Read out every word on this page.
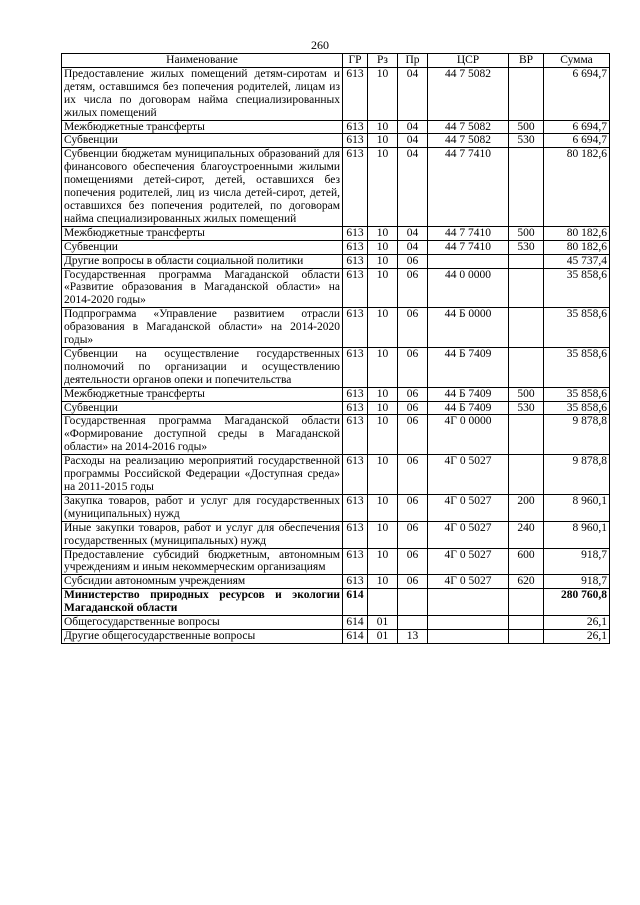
260
Наименование	ГР	Рз	Пр	ЦСР	ВР	Сумма
Предоставление жилых помещений детям-сиротам и детям, оставшимся без попечения родителей, лицам из их числа по договорам найма специализированных жилых помещений	613	10	04	44 7 5082		6 694,7
Межбюджетные трансферты	613	10	04	44 7 5082	500	6 694,7
Субвенции	613	10	04	44 7 5082	530	6 694,7
Субвенции бюджетам муниципальных образований для финансового обеспечения благоустроенными жилыми помещениями детей-сирот, детей, оставшихся без попечения родителей, лиц из числа детей-сирот, детей, оставшихся без попечения родителей, по договорам найма специализированных жилых помещений	613	10	04	44 7 7410		80 182,6
Межбюджетные трансферты	613	10	04	44 7 7410	500	80 182,6
Субвенции	613	10	04	44 7 7410	530	80 182,6
Другие вопросы в области социальной политики	613	10	06			45 737,4
Государственная программа Магаданской области «Развитие образования в Магаданской области» на 2014-2020 годы»	613	10	06	44 0 0000		35 858,6
Подпрограмма «Управление развитием отрасли образования в Магаданской области» на 2014-2020 годы»	613	10	06	44 Б 0000		35 858,6
Субвенции на осуществление государственных полномочий по организации и осуществлению деятельности органов опеки и попечительства	613	10	06	44 Б 7409		35 858,6
Межбюджетные трансферты	613	10	06	44 Б 7409	500	35 858,6
Субвенции	613	10	06	44 Б 7409	530	35 858,6
Государственная программа Магаданской области «Формирование доступной среды в Магаданской области» на 2014-2016 годы»	613	10	06	4Г 0 0000		9 878,8
Расходы на реализацию мероприятий государственной программы Российской Федерации «Доступная среда» на 2011-2015 годы	613	10	06	4Г 0 5027		9 878,8
Закупка товаров, работ и услуг для государственных (муниципальных) нужд	613	10	06	4Г 0 5027	200	8 960,1
Иные закупки товаров, работ и услуг для обеспечения государственных (муниципальных) нужд	613	10	06	4Г 0 5027	240	8 960,1
Предоставление субсидий бюджетным, автономным учреждениям и иным некоммерческим организациям	613	10	06	4Г 0 5027	600	918,7
Субсидии автономным учреждениям	613	10	06	4Г 0 5027	620	918,7
Министерство природных ресурсов и экологии Магаданской области	614					280 760,8
Общегосударственные вопросы	614	01				26,1
Другие общегосударственные вопросы	614	01	13			26,1
